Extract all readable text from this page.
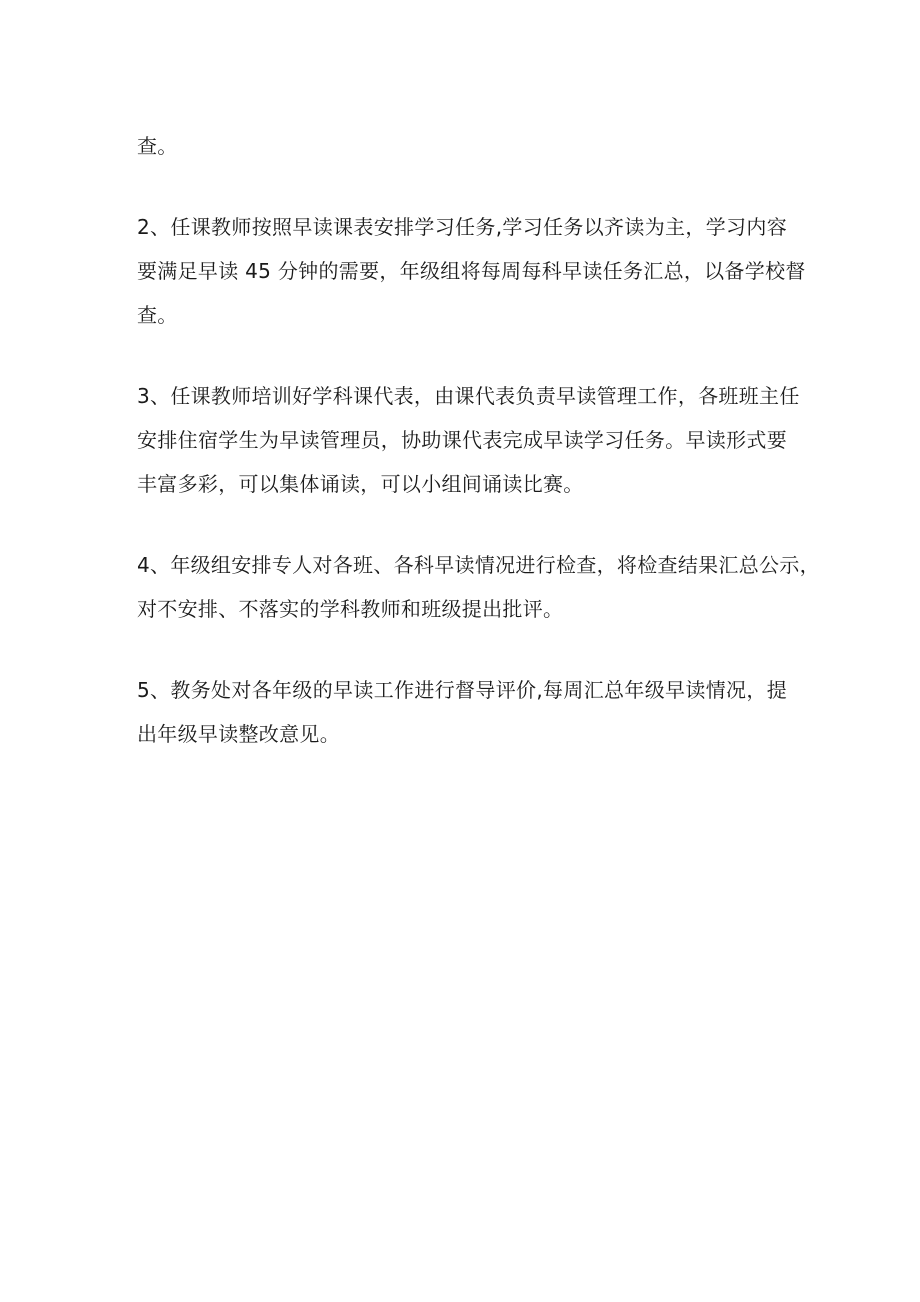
查。
2、任课教师按照早读课表安排学习任务,学习任务以齐读为主，学习内容
要满足早读 45 分钟的需要，年级组将每周每科早读任务汇总，以备学校督
查。
3、任课教师培训好学科课代表，由课代表负责早读管理工作，各班班主任
安排住宿学生为早读管理员，协助课代表完成早读学习任务。早读形式要
丰富多彩，可以集体诵读，可以小组间诵读比赛。
4、年级组安排专人对各班、各科早读情况进行检查，将检查结果汇总公示，
对不安排、不落实的学科教师和班级提出批评。
5、教务处对各年级的早读工作进行督导评价,每周汇总年级早读情况，提
出年级早读整改意见。
